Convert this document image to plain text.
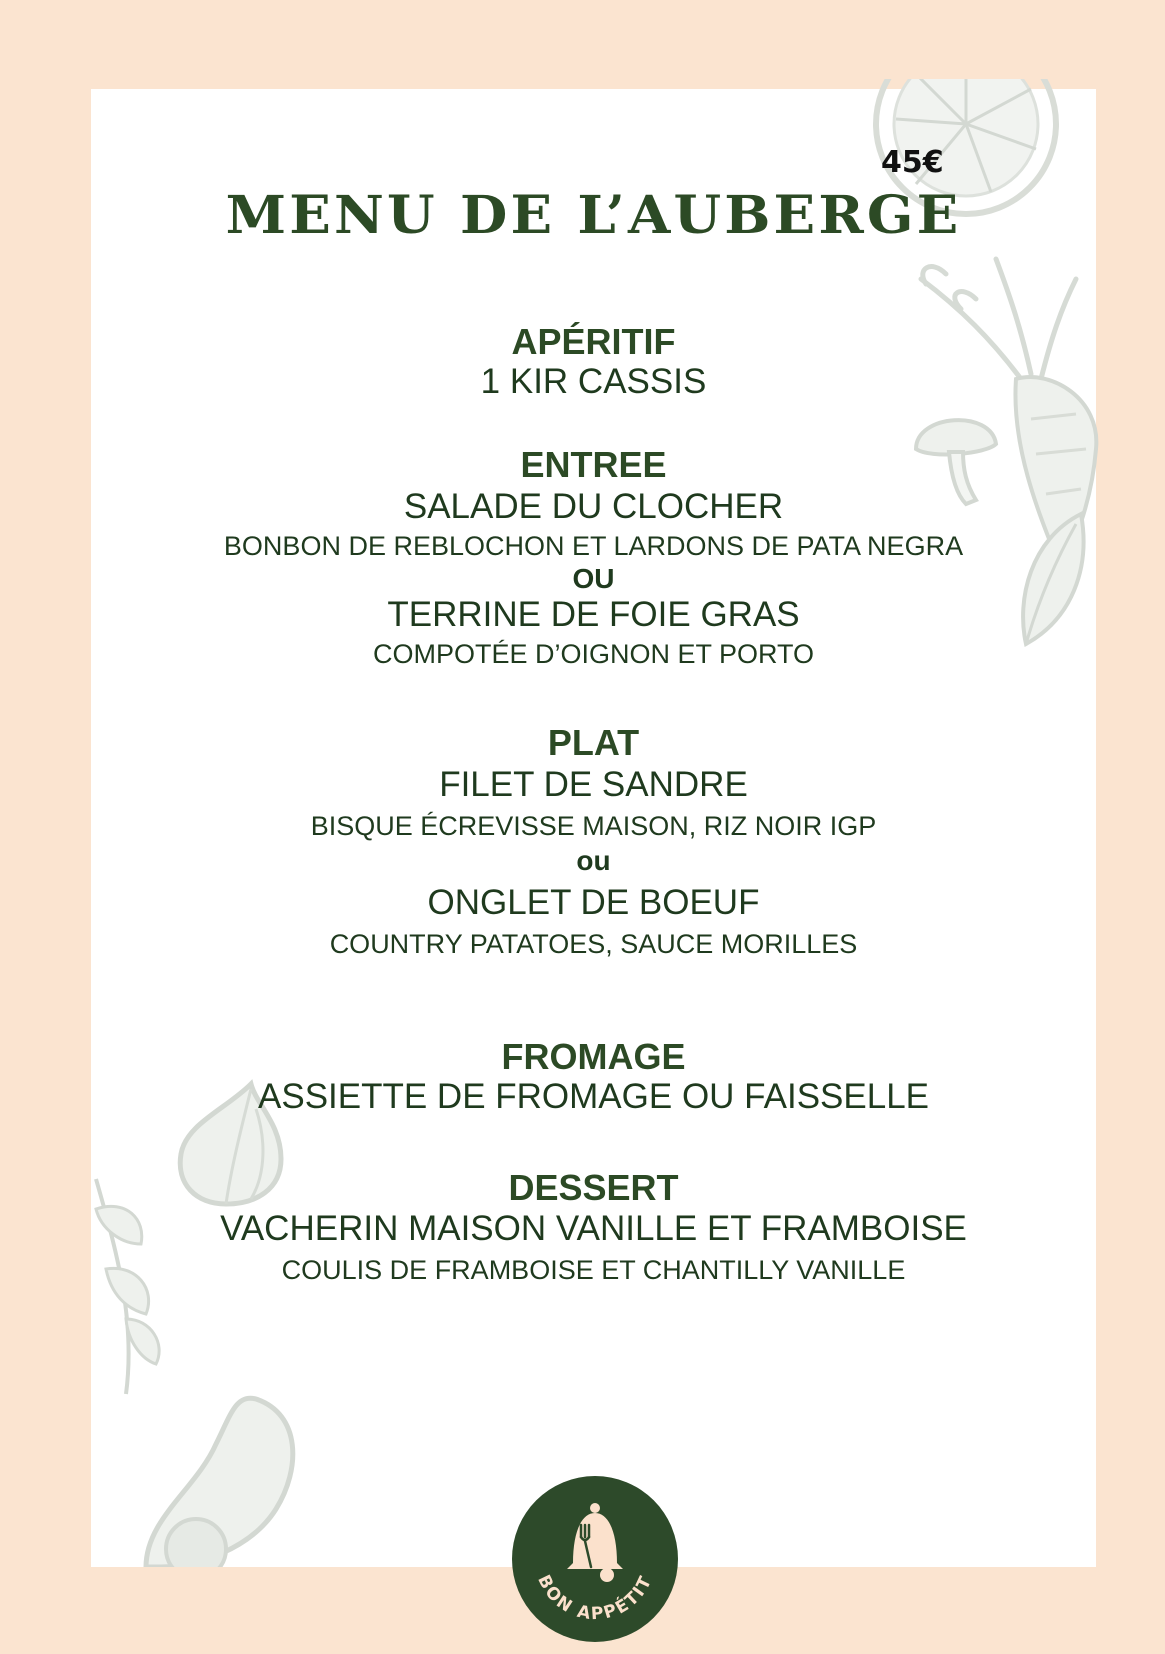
45€
MENU DE L’AUBERGE
APÉRITIF
1 KIR CASSIS
ENTREE
SALADE DU CLOCHER
BONBON DE REBLOCHON ET LARDONS DE PATA NEGRA
OU
TERRINE DE FOIE GRAS
COMPOTÉE D’OIGNON ET PORTO
PLAT
FILET DE SANDRE
BISQUE ÉCREVISSE MAISON, RIZ NOIR IGP
ou
ONGLET DE BOEUF
COUNTRY PATATOES, SAUCE MORILLES
FROMAGE
ASSIETTE DE FROMAGE OU FAISSELLE
DESSERT
VACHERIN MAISON VANILLE ET FRAMBOISE
COULIS DE FRAMBOISE ET CHANTILLY VANILLE
BON APPÉTIT
